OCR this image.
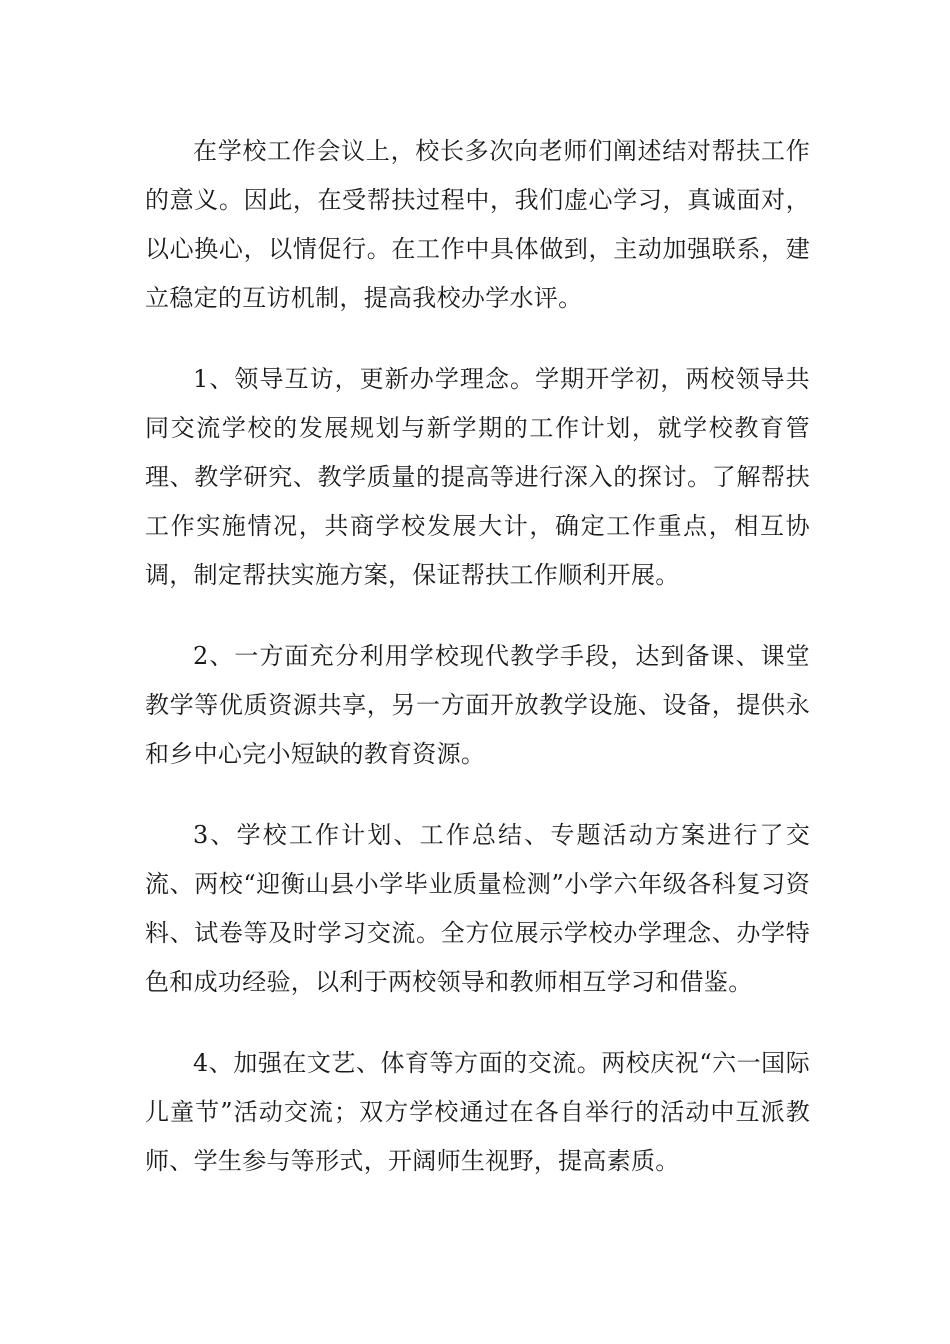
在学校工作会议上，校长多次向老师们阐述结对帮扶工作的意义。因此，在受帮扶过程中，我们虚心学习，真诚面对，以心换心，以情促行。在工作中具体做到，主动加强联系，建立稳定的互访机制，提高我校办学水评。

1、领导互访，更新办学理念。学期开学初，两校领导共同交流学校的发展规划与新学期的工作计划，就学校教育管理、教学研究、教学质量的提高等进行深入的探讨。了解帮扶工作实施情况，共商学校发展大计，确定工作重点，相互协调，制定帮扶实施方案，保证帮扶工作顺利开展。

2、一方面充分利用学校现代教学手段，达到备课、课堂教学等优质资源共享，另一方面开放教学设施、设备，提供永和乡中心完小短缺的教育资源。

3、学校工作计划、工作总结、专题活动方案进行了交流、两校“迎衡山县小学毕业质量检测”小学六年级各科复习资料、试卷等及时学习交流。全方位展示学校办学理念、办学特色和成功经验，以利于两校领导和教师相互学习和借鉴。

4、加强在文艺、体育等方面的交流。两校庆祝“六一国际儿童节”活动交流；双方学校通过在各自举行的活动中互派教师、学生参与等形式，开阔师生视野，提高素质。
